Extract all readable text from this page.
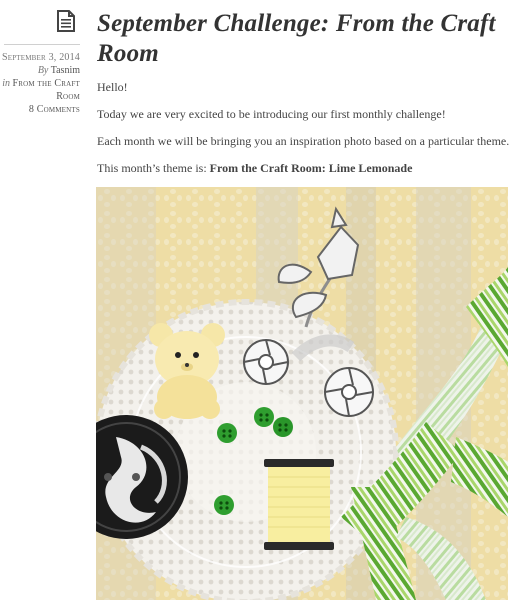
September 3, 2014
By Tasnim
in From the Craft Room
8 Comments
September Challenge: From the Craft Room

Hello!

Today we are very excited to be introducing our first monthly challenge!

Each month we will be bringing you an inspiration photo based on a particular theme.

This month’s theme is: From the Craft Room: Lime Lemonade
